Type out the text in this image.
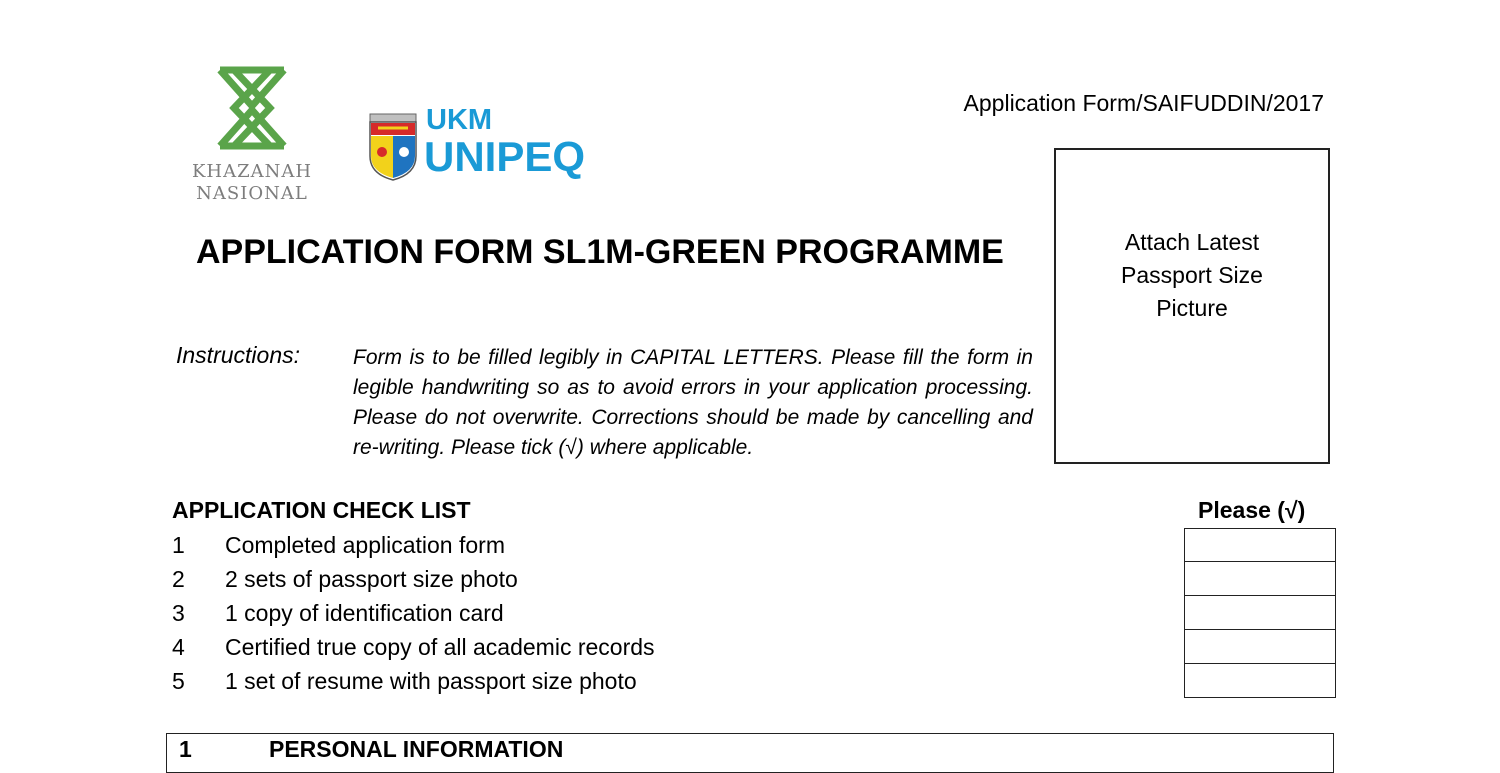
KHAZANAH
NASIONAL
UKM
UNIPEQ
Application Form/SAIFUDDIN/2017
APPLICATION FORM SL1M-GREEN PROGRAMME	Attach Latest
Passport Size
Picture
Instructions:	Form is to be filled legibly in CAPITAL LETTERS. Please fill the form in legible handwriting so as to avoid errors in your application processing. Please do not overwrite. Corrections should be made by cancelling and re-writing. Please tick (√) where applicable.
APPLICATION CHECK LIST	Please (√)
1 Completed application form
2 2 sets of passport size photo
3 1 copy of identification card
4 Certified true copy of all academic records
5 1 set of resume with passport size photo
1	PERSONAL INFORMATION
